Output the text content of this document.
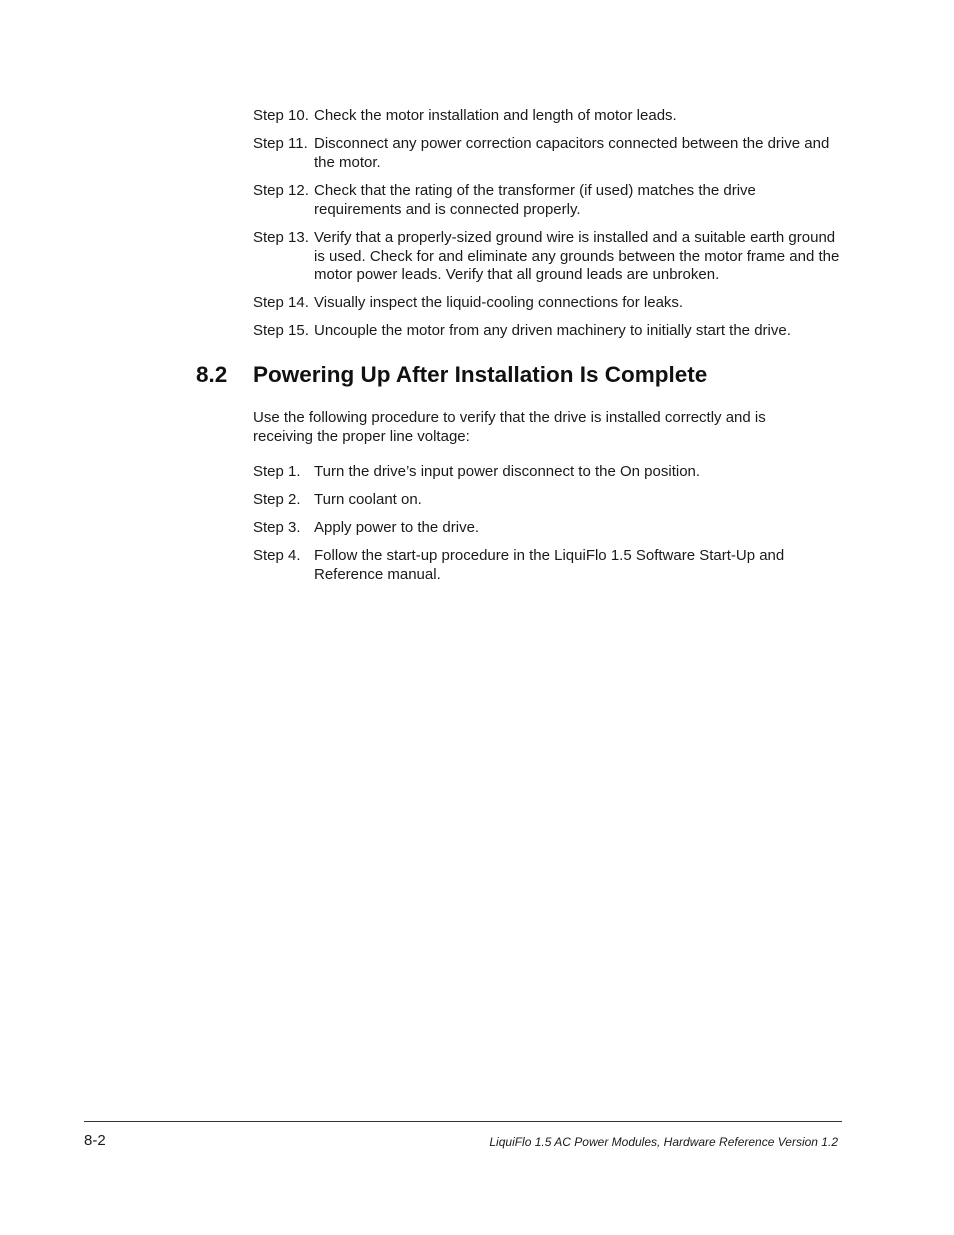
Step 10. Check the motor installation and length of motor leads.
Step 11. Disconnect any power correction capacitors connected between the drive and the motor.
Step 12. Check that the rating of the transformer (if used) matches the drive requirements and is connected properly.
Step 13. Verify that a properly-sized ground wire is installed and a suitable earth ground is used. Check for and eliminate any grounds between the motor frame and the motor power leads. Verify that all ground leads are unbroken.
Step 14. Visually inspect the liquid-cooling connections for leaks.
Step 15. Uncouple the motor from any driven machinery to initially start the drive.
8.2 Powering Up After Installation Is Complete
Use the following procedure to verify that the drive is installed correctly and is receiving the proper line voltage:
Step 1. Turn the drive’s input power disconnect to the On position.
Step 2. Turn coolant on.
Step 3. Apply power to the drive.
Step 4. Follow the start-up procedure in the LiquiFlo 1.5 Software Start-Up and Reference manual.
8-2	LiquiFlo 1.5 AC Power Modules, Hardware Reference Version 1.2
